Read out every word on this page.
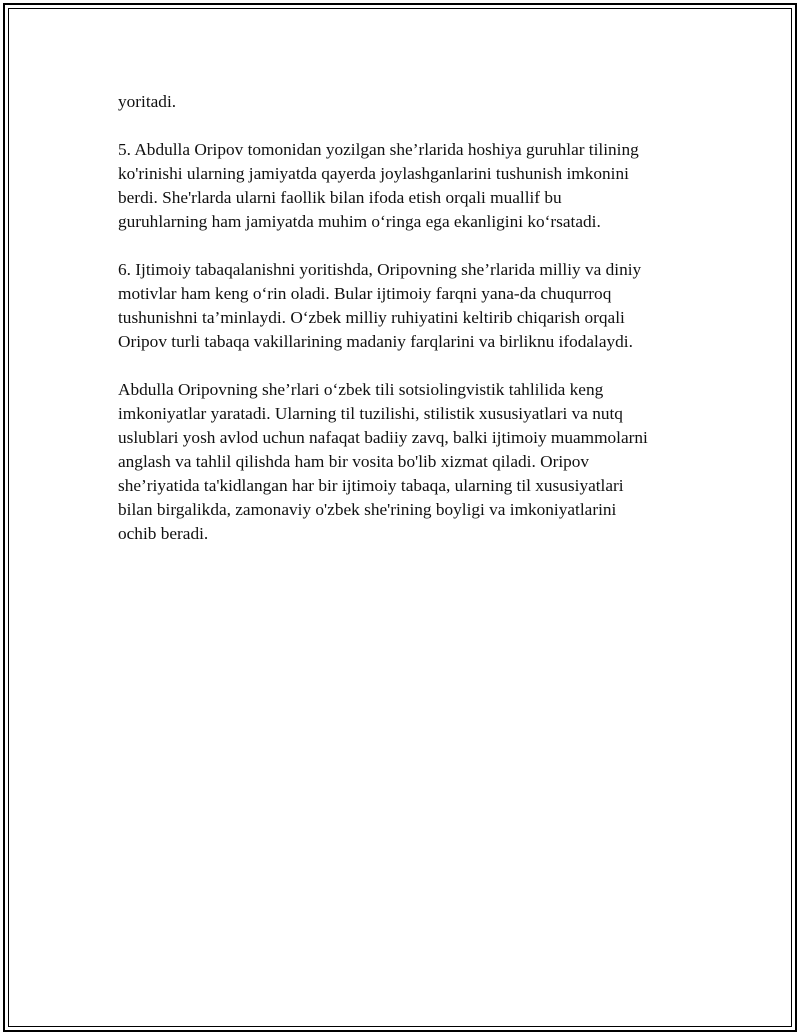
yoritadi.

5. Abdulla Oripov tomonidan yozilgan she’rlarida hoshiya guruhlar tilining
ko'rinishi ularning jamiyatda qayerda joylashganlarini tushunish imkonini
berdi. She'rlarda ularni faollik bilan ifoda etish orqali muallif bu
guruhlarning ham jamiyatda muhim o‘ringa ega ekanligini ko‘rsatadi.

6. Ijtimoiy tabaqalanishni yoritishda, Oripovning she’rlarida milliy va diniy
motivlar ham keng o‘rin oladi. Bular ijtimoiy farqni yana-da chuqurroq
tushunishni ta’minlaydi. O‘zbek milliy ruhiyatini keltirib chiqarish orqali
Oripov turli tabaqa vakillarining madaniy farqlarini va birliknu ifodalaydi.

Abdulla Oripovning she’rlari o‘zbek tili sotsiolingvistik tahlilida keng
imkoniyatlar yaratadi. Ularning til tuzilishi, stilistik xususiyatlari va nutq
uslublari yosh avlod uchun nafaqat badiiy zavq, balki ijtimoiy muammolarni
anglash va tahlil qilishda ham bir vosita bo'lib xizmat qiladi. Oripov
she’riyatida ta'kidlangan har bir ijtimoiy tabaqa, ularning til xususiyatlari
bilan birgalikda, zamonaviy o'zbek she'rining boyligi va imkoniyatlarini
ochib beradi.
